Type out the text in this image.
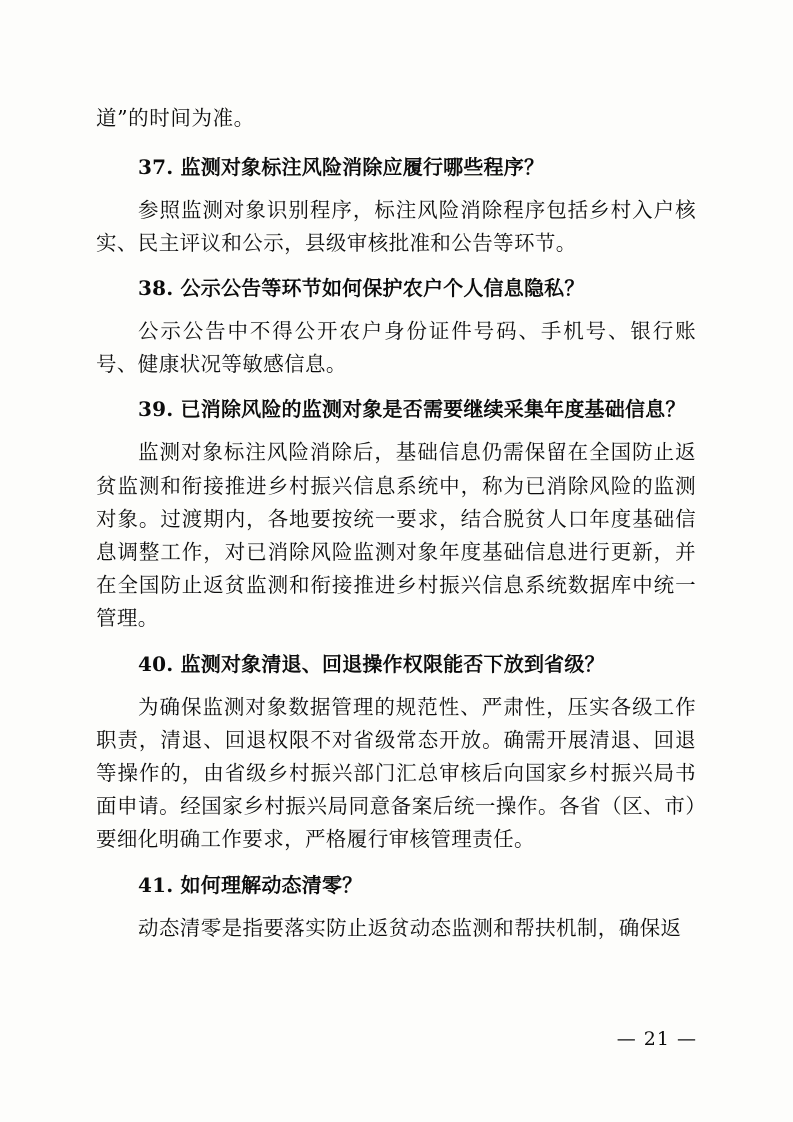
道”的时间为准。

37. 监测对象标注风险消除应履行哪些程序？

参照监测对象识别程序，标注风险消除程序包括乡村入户核实、民主评议和公示，县级审核批准和公告等环节。

38. 公示公告等环节如何保护农户个人信息隐私？

公示公告中不得公开农户身份证件号码、手机号、银行账号、健康状况等敏感信息。

39. 已消除风险的监测对象是否需要继续采集年度基础信息？

监测对象标注风险消除后，基础信息仍需保留在全国防止返贫监测和衔接推进乡村振兴信息系统中，称为已消除风险的监测对象。过渡期内，各地要按统一要求，结合脱贫人口年度基础信息调整工作，对已消除风险监测对象年度基础信息进行更新，并在全国防止返贫监测和衔接推进乡村振兴信息系统数据库中统一管理。

40. 监测对象清退、回退操作权限能否下放到省级？

为确保监测对象数据管理的规范性、严肃性，压实各级工作职责，清退、回退权限不对省级常态开放。确需开展清退、回退等操作的，由省级乡村振兴部门汇总审核后向国家乡村振兴局书面申请。经国家乡村振兴局同意备案后统一操作。各省（区、市）要细化明确工作要求，严格履行审核管理责任。

41. 如何理解动态清零？

动态清零是指要落实防止返贫动态监测和帮扶机制，确保返

— 21 —
